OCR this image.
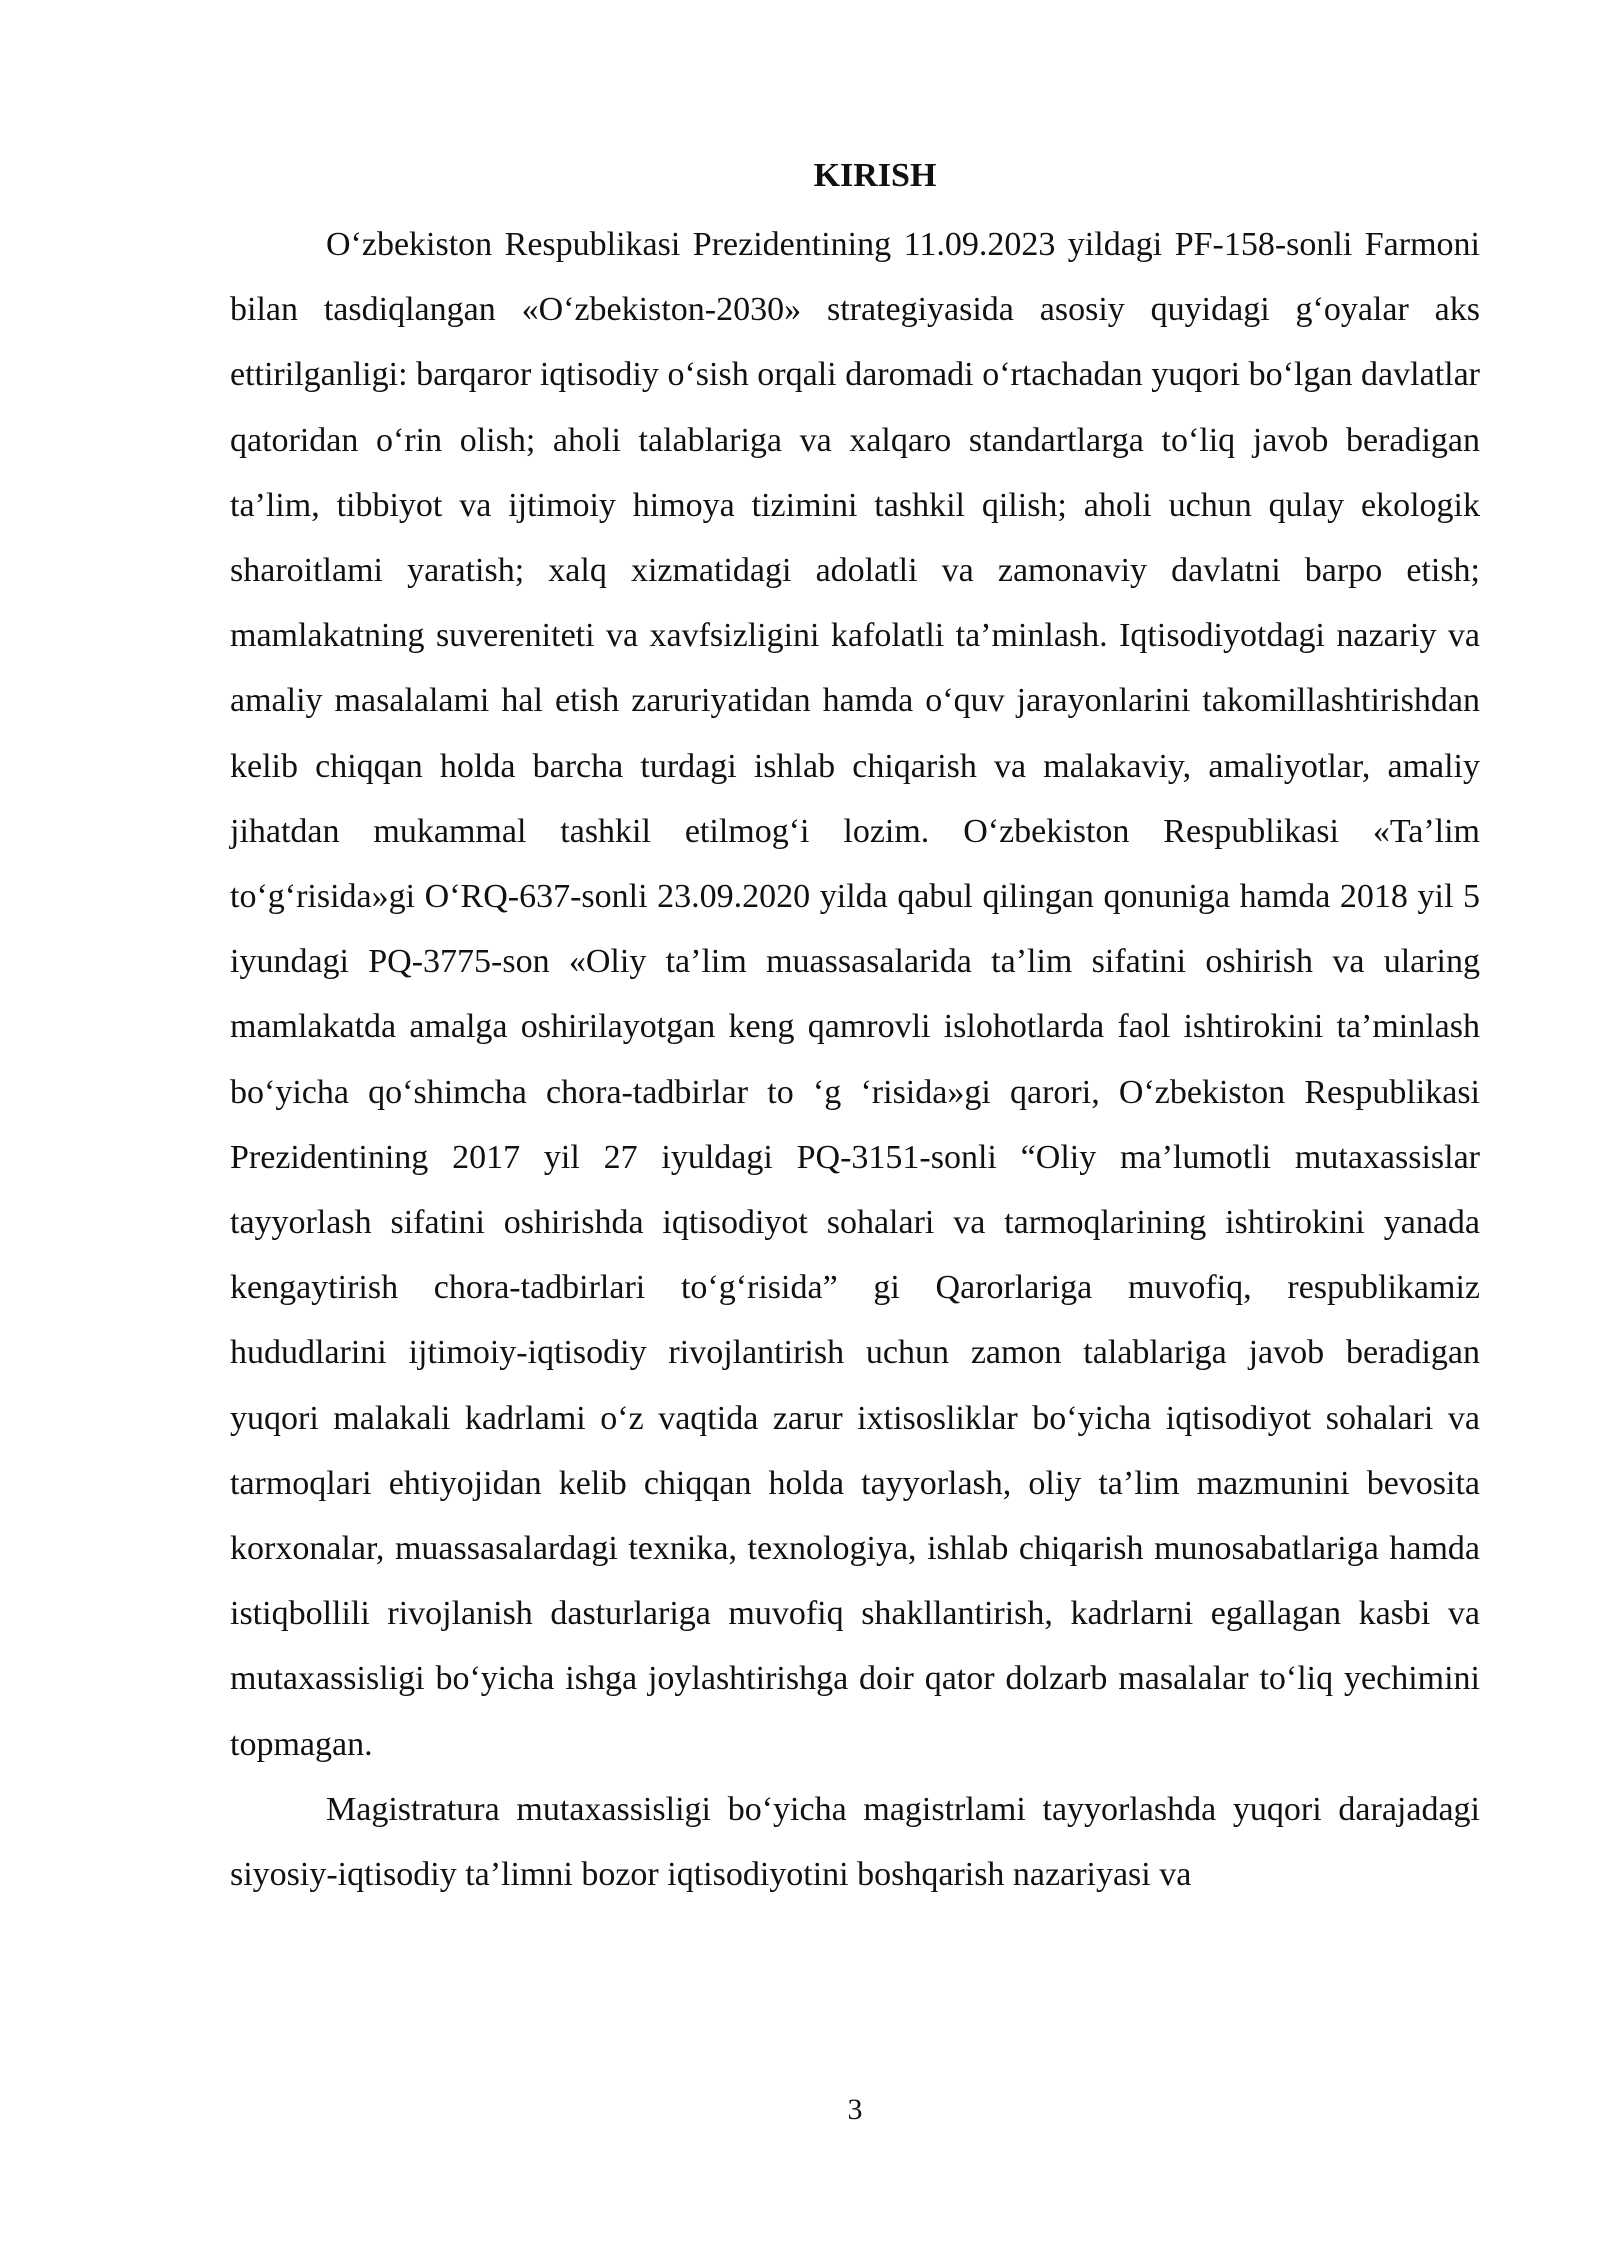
KIRISH

O‘zbekiston Respublikasi Prezidentining 11.09.2023 yildagi PF-158-sonli Farmoni bilan tasdiqlangan «O‘zbekiston-2030» strategiyasida asosiy quyidagi g‘oyalar aks ettirilganligi: barqaror iqtisodiy o‘sish orqali daromadi o‘rtachadan yuqori bo‘lgan davlatlar qatoridan o‘rin olish; aholi talablariga va xalqaro standartlarga to‘liq javob beradigan ta’lim, tibbiyot va ijtimoiy himoya tizimini tashkil qilish; aholi uchun qulay ekologik sharoitlami yaratish; xalq xizmatidagi adolatli va zamonaviy davlatni barpo etish; mamlakatning suvereniteti va xavfsizligini kafolatli ta’minlash. Iqtisodiyotdagi nazariy va amaliy masalalami hal etish zaruriyatidan hamda o‘quv jarayonlarini takomillashtirishdan kelib chiqqan holda barcha turdagi ishlab chiqarish va malakaviy, amaliyotlar, amaliy jihatdan mukammal tashkil etilmog‘i lozim. O‘zbekiston Respublikasi «Ta’lim to‘g‘risida»gi O‘RQ-637-sonli 23.09.2020 yilda qabul qilingan qonuniga hamda 2018 yil 5 iyundagi PQ-3775-son «Oliy ta’lim muassasalarida ta’lim sifatini oshirish va ularing mamlakatda amalga oshirilayotgan keng qamrovli islohotlarda faol ishtirokini ta’minlash bo‘yicha qo‘shimcha chora-tadbirlar to ‘g ‘risida»gi qarori, O‘zbekiston Respublikasi Prezidentining 2017 yil 27 iyuldagi PQ-3151-sonli “Oliy ma’lumotli mutaxassislar tayyorlash sifatini oshirishda iqtisodiyot sohalari va tarmoqlarining ishtirokini yanada kengaytirish chora-tadbirlari to‘g‘risida” gi Qarorlariga muvofiq, respublikamiz hududlarini ijtimoiy-iqtisodiy rivojlantirish uchun zamon talablariga javob beradigan yuqori malakali kadrlami o‘z vaqtida zarur ixtisosliklar bo‘yicha iqtisodiyot sohalari va tarmoqlari ehtiyojidan kelib chiqqan holda tayyorlash, oliy ta’lim mazmunini bevosita korxonalar, muassasalardagi texnika, texnologiya, ishlab chiqarish munosabatlariga hamda istiqbollili rivojlanish dasturlariga muvofiq shakllantirish, kadrlarni egallagan kasbi va mutaxassisligi bo‘yicha ishga joylashtirishga doir qator dolzarb masalalar to‘liq yechimini topmagan.

Magistratura mutaxassisligi bo‘yicha magistrlami tayyorlashda yuqori darajadagi siyosiy-iqtisodiy ta’limni bozor iqtisodiyotini boshqarish nazariyasi va

3
